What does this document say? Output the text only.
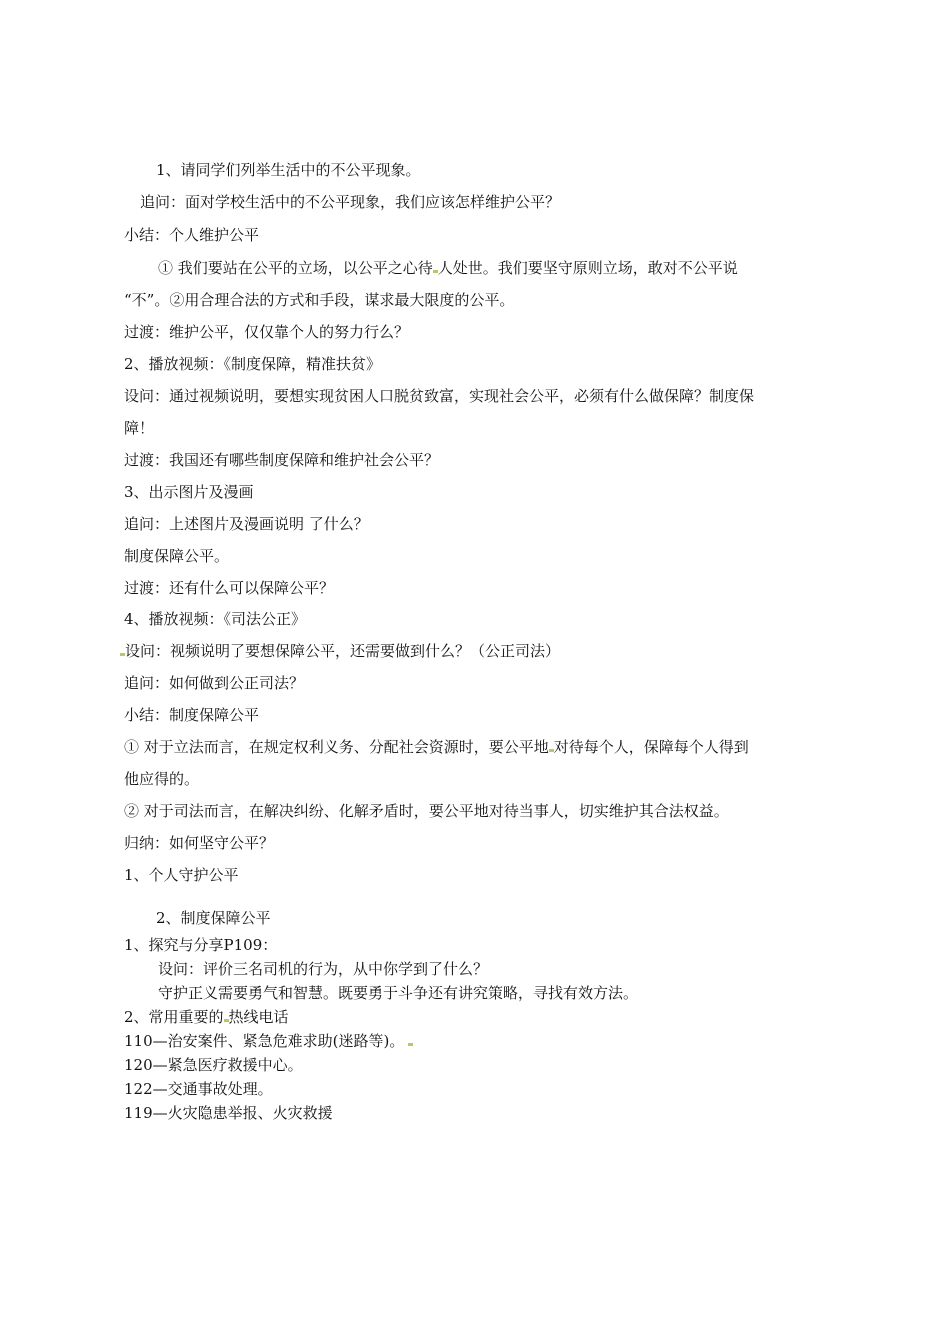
1、请同学们列举生活中的不公平现象。
追问：面对学校生活中的不公平现象，我们应该怎样维护公平？
小结：个人维护公平
① 我们要站在公平的立场，以公平之心待 人处世。我们要坚守原则立场，敢对不公平说
“不”。②用合理合法的方式和手段，谋求最大限度的公平。
过渡：维护公平，仅仅靠个人的努力行么？
2、播放视频：《制度保障，精准扶贫》
设问：通过视频说明，要想实现贫困人口脱贫致富，实现社会公平，必须有什么做保障？制度保
障！
过渡：我国还有哪些制度保障和维护社会公平？
3、出示图片及漫画
追问：上述图片及漫画说明 了什么？
制度保障公平。
过渡：还有什么可以保障公平？
4、播放视频：《司法公正》
设问：视频说明了要想保障公平，还需要做到什么？（公正司法）
追问：如何做到公正司法？
小结：制度保障公平
① 对于立法而言，在规定权利义务、分配社会资源时，要公平地 对待每个人，保障每个人得到
他应得的。
② 对于司法而言，在解决纠纷、化解矛盾时，要公平地对待当事人，切实维护其合法权益。
归纳：如何坚守公平？
1、个人守护公平
2、制度保障公平
1、探究与分享P109：
设问：评价三名司机的行为，从中你学到了什么？
守护正义需要勇气和智慧。既要勇于斗争还有讲究策略，寻找有效方法。
2、常用重要的 热线电话
110—治安案件、紧急危难求助(迷路等)。
120—紧急医疗救援中心。
122—交通事故处理。
119—火灾隐患举报、火灾救援
